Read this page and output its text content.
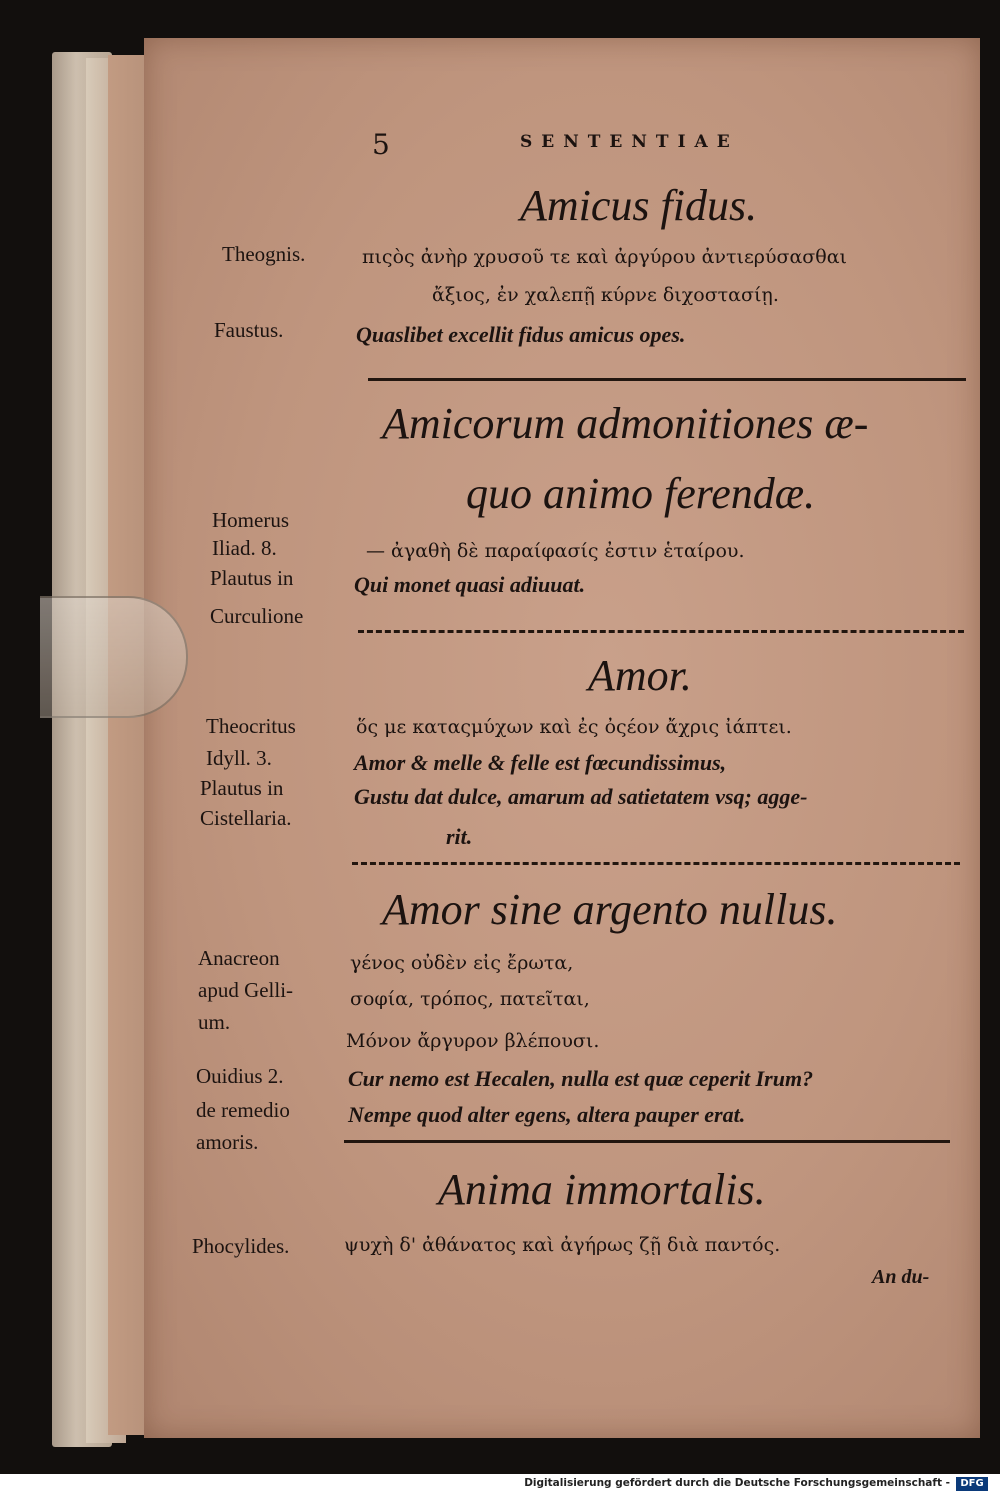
5	SENTENTIAE
Amicus fidus.
Theognis.	πιςὸς ἀνὴρ χρυσοῦ τε καὶ ἀργύρου ἀντιερύσασθαι
ἄξιος, ἐν χαλεπῇ κύρνε διχοστασίῃ.
Faustus.	Quaslibet excellit fidus amicus opes.
Amicorum admonitiones æ-
quo animo ferendæ.
Homerus
Iliad. 8.	— ἀγαθὴ δὲ παραίφασίς ἐστιν ἑταίρου.
Plautus in	Qui monet quasi adiuuat.
Curculione
Amor.
Theocritus	ὅς με καταςμύχων καὶ ἐς ὀςέον ἄχρις ἰάπτει.
Idyll. 3.	Amor & melle & felle est fœcundissimus,
Plautus in	Gustu dat dulce, amarum ad satietatem vsq; agge-
Cistellaria.
rit.
Amor sine argento nullus.
Anacreon	γένος οὐδὲν εἰς ἔρωτα,
apud Gelli-	σοφία, τρόπος, πατεῖται,
um.
Μόνον ἄργυρον βλέπουσι.
Ouidius 2.	Cur nemo est Hecalen, nulla est quæ ceperit Irum?
de remedio	Nempe quod alter egens, altera pauper erat.
amoris.
Anima immortalis.
Phocylides.	ψυχὴ δ' ἀθάνατος καὶ ἀγήρως ζῇ διὰ παντός.
An du-
Digitalisierung gefördert durch die Deutsche Forschungsgemeinschaft -	DFG
